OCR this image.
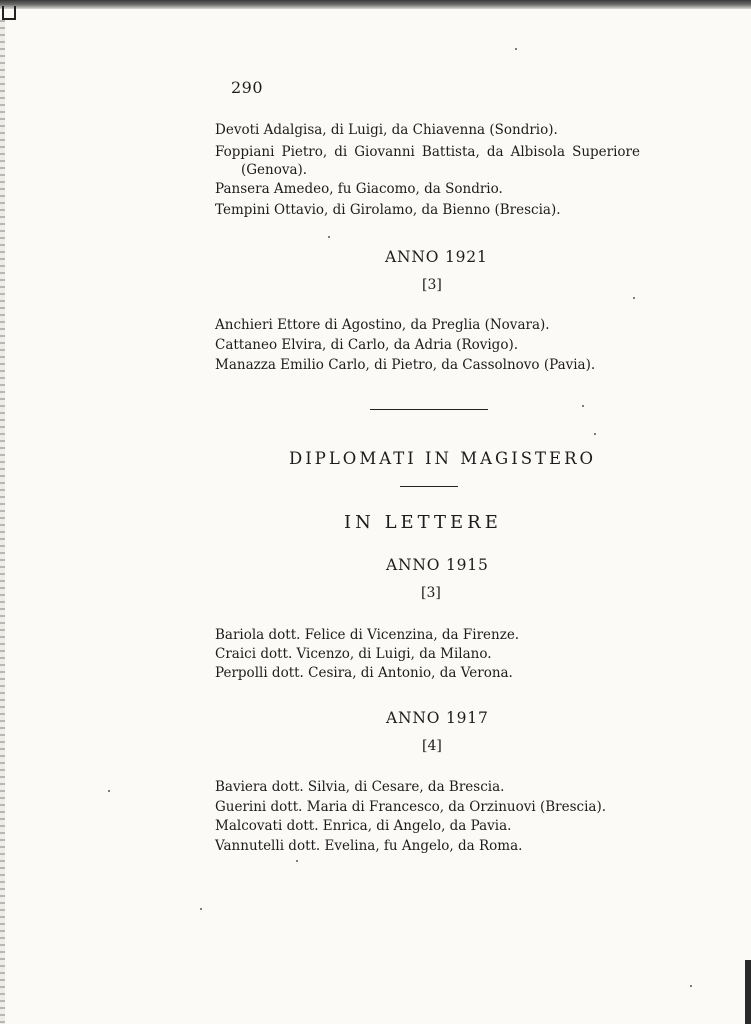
290
Devoti Adalgisa, di Luigi, da Chiavenna (Sondrio).
Foppiani Pietro, di Giovanni Battista, da Albisola Superiore
(Genova).
Pansera Amedeo, fu Giacomo, da Sondrio.
Tempini Ottavio, di Girolamo, da Bienno (Brescia).
ANNO 1921
[3]
Anchieri Ettore di Agostino, da Preglia (Novara).
Cattaneo Elvira, di Carlo, da Adria (Rovigo).
Manazza Emilio Carlo, di Pietro, da Cassolnovo (Pavia).
DIPLOMATI IN MAGISTERO
IN LETTERE
ANNO 1915
[3]
Bariola dott. Felice di Vicenzina, da Firenze.
Craici dott. Vicenzo, di Luigi, da Milano.
Perpolli dott. Cesira, di Antonio, da Verona.
ANNO 1917
[4]
Baviera dott. Silvia, di Cesare, da Brescia.
Guerini dott. Maria di Francesco, da Orzinuovi (Brescia).
Malcovati dott. Enrica, di Angelo, da Pavia.
Vannutelli dott. Evelina, fu Angelo, da Roma.
